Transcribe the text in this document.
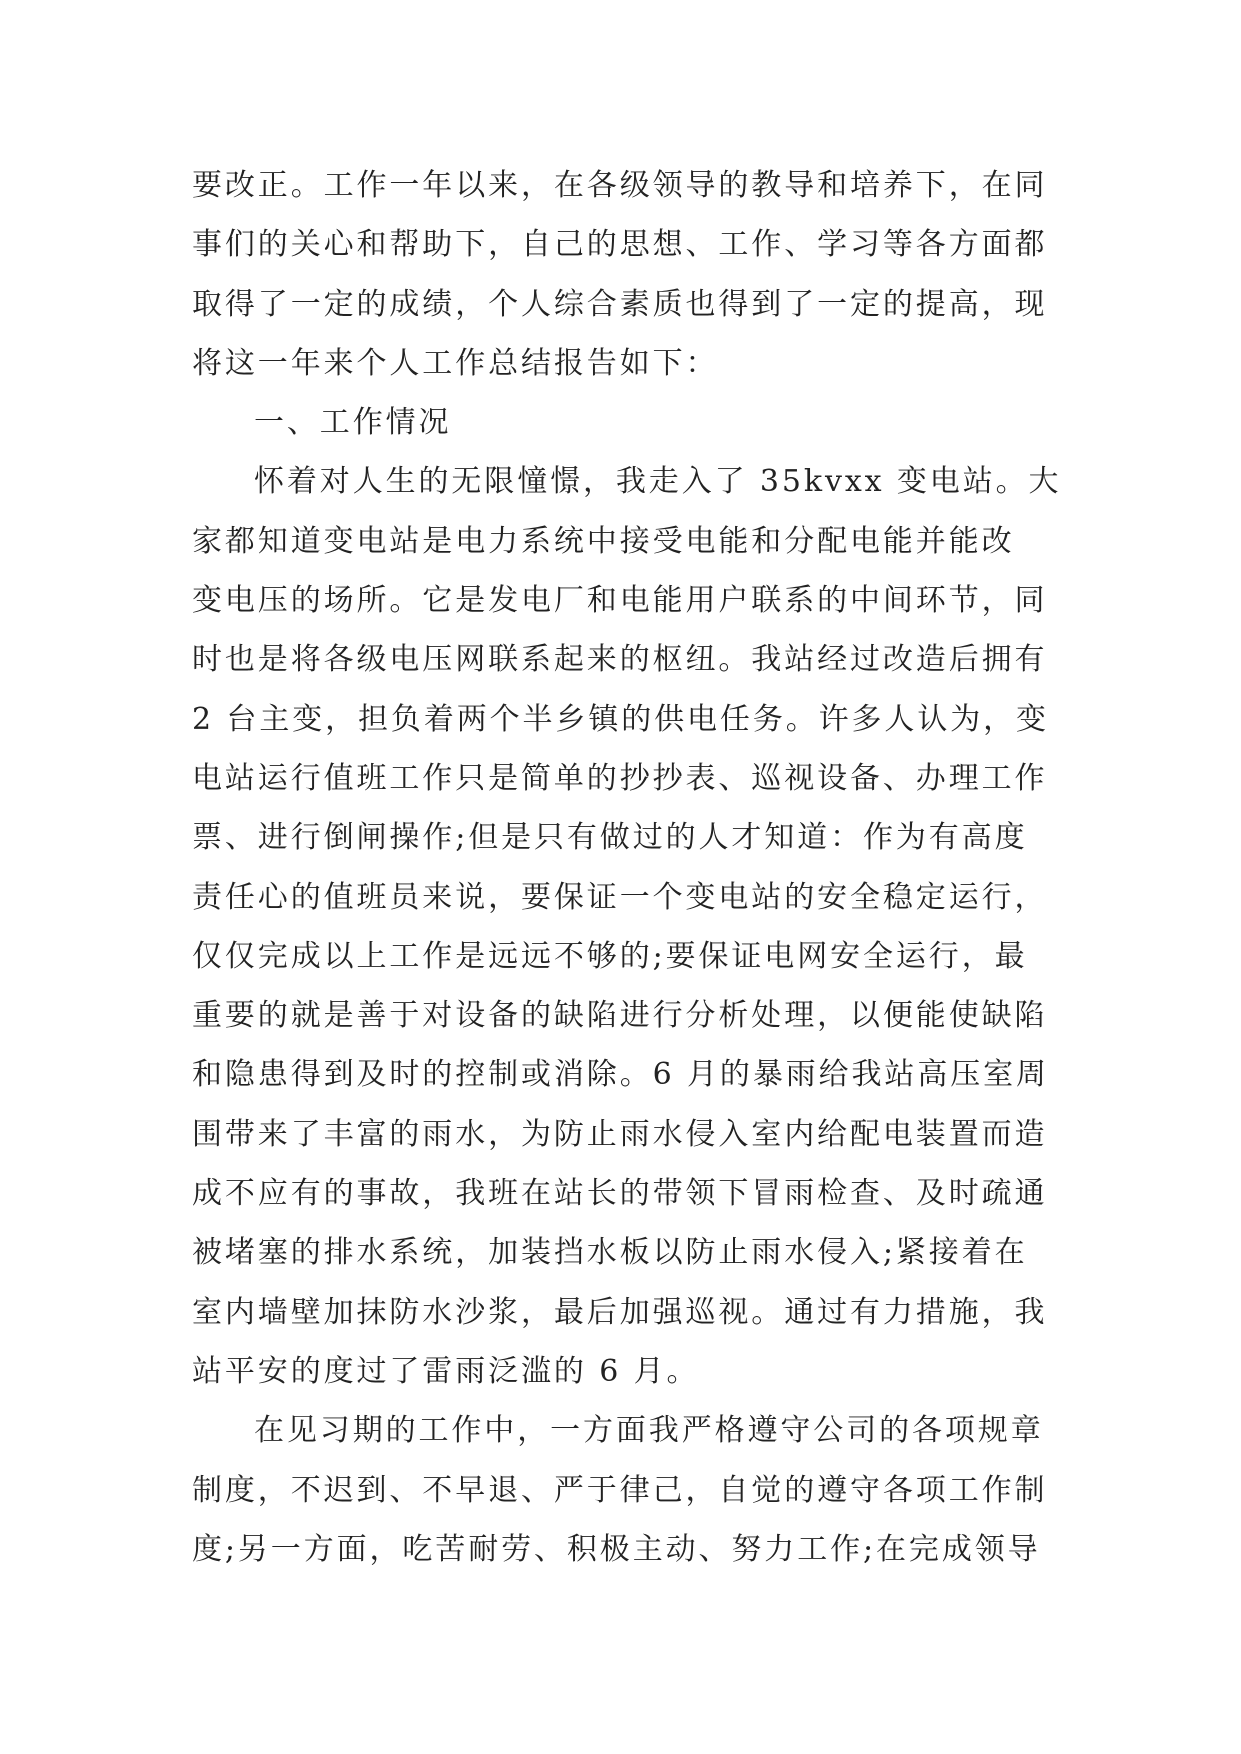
要改正。工作一年以来，在各级领导的教导和培养下，在同
事们的关心和帮助下，自己的思想、工作、学习等各方面都
取得了一定的成绩，个人综合素质也得到了一定的提高，现
将这一年来个人工作总结报告如下：
一、工作情况
怀着对人生的无限憧憬，我走入了 35kvxx 变电站。大
家都知道变电站是电力系统中接受电能和分配电能并能改
变电压的场所。它是发电厂和电能用户联系的中间环节，同
时也是将各级电压网联系起来的枢纽。我站经过改造后拥有
2 台主变，担负着两个半乡镇的供电任务。许多人认为，变
电站运行值班工作只是简单的抄抄表、巡视设备、办理工作
票、进行倒闸操作;但是只有做过的人才知道：作为有高度
责任心的值班员来说，要保证一个变电站的安全稳定运行，
仅仅完成以上工作是远远不够的;要保证电网安全运行，最
重要的就是善于对设备的缺陷进行分析处理，以便能使缺陷
和隐患得到及时的控制或消除。6 月的暴雨给我站高压室周
围带来了丰富的雨水，为防止雨水侵入室内给配电装置而造
成不应有的事故，我班在站长的带领下冒雨检查、及时疏通
被堵塞的排水系统，加装挡水板以防止雨水侵入;紧接着在
室内墙壁加抹防水沙浆，最后加强巡视。通过有力措施，我
站平安的度过了雷雨泛滥的 6 月。
在见习期的工作中，一方面我严格遵守公司的各项规章
制度，不迟到、不早退、严于律己，自觉的遵守各项工作制
度;另一方面，吃苦耐劳、积极主动、努力工作;在完成领导
